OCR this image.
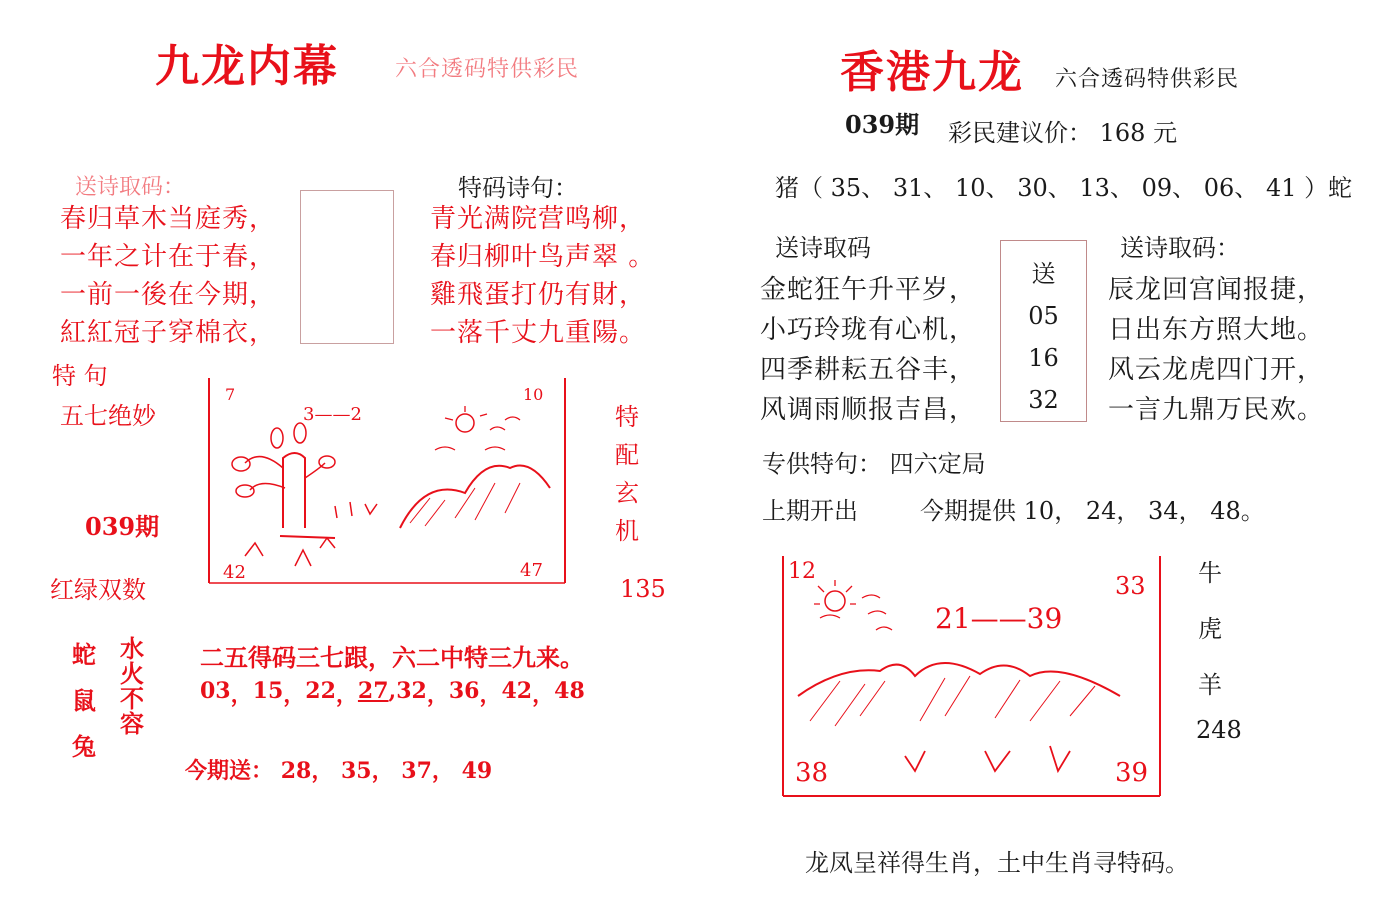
九龙内幕	六合透码特供彩民
送诗取码：	特码诗句：
春归草木当庭秀，
一年之计在于春，
一前一後在今期，
紅紅冠子穿棉衣，
青光满院营鸣柳，
春归柳叶鸟声翠 。
雞飛蛋打仍有財，
一落千丈九重陽。
特 句
五七绝妙
039期
红绿双数
7	10
3——2
42	47
特
配
玄
机
135
蛇
鼠
兔
水
火
不
容
二五得码三七跟，六二中特三九来。
03 ， 15 ， 22 ， 27 , 32 ， 36 ， 42 ， 48
今期送： 28， 35， 37， 49
香港九龙 六合透码特供彩民
039期 彩民建议价： 168 元
猪（ 35、 31、 10、 30、 13、 09、 06、 41 ）蛇
送诗取码	送诗取码：
金蛇狂午升平岁，
小巧玲珑有心机，
四季耕耘五谷丰，
风调雨顺报吉昌，
送
05
16
32
辰龙回宫闻报捷，
日出东方照大地。
风云龙虎四门开，
一言九鼎万民欢。
专供特句： 四六定局
上期开出	今期提供 10， 24， 34， 48。
12
33
21——39
38	39
牛
虎
羊
248
龙凤呈祥得生肖，土中生肖寻特码。
